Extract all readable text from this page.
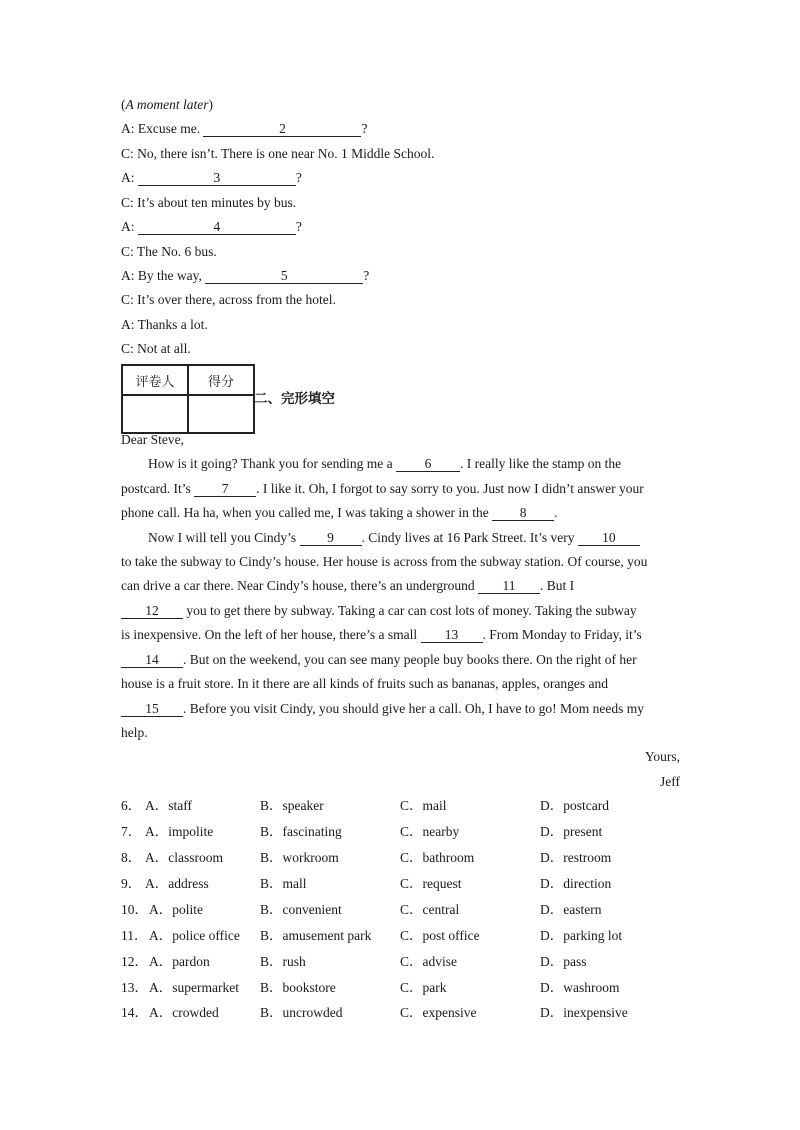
(A moment later)
A: Excuse me.	2	?
C: No, there isn’t. There is one near No. 1 Middle School.
A:	3	?
C: It’s about ten minutes by bus.
A:	4	?
C: The No. 6 bus.
A: By the way,	5	?
C: It’s over there, across from the hotel.
A: Thanks a lot.
C: Not at all.
评卷人	得分

二、完形填空
Dear Steve,
How is it going? Thank you for sending me a 6 . I really like the stamp on the
postcard. It’s 7 . I like it. Oh, I forgot to say sorry to you. Just now I didn’t answer your
phone call. Ha ha, when you called me, I was taking a shower in the 8 .
Now I will tell you Cindy’s 9 . Cindy lives at 16 Park Street. It’s very 10
to take the subway to Cindy’s house. Her house is across from the subway station. Of course, you
can drive a car there. Near Cindy’s house, there’s an underground 11 . But I
12 you to get there by subway. Taking a car can cost lots of money. Taking the subway
is inexpensive. On the left of her house, there’s a small 13 . From Monday to Friday, it’s
14 . But on the weekend, you can see many people buy books there. On the right of her
house is a fruit store. In it there are all kinds of fruits such as bananas, apples, oranges and
15 . Before you visit Cindy, you should give her a call. Oh, I have to go! Mom needs my
help.
Yours,
Jeff
6． A．staff	B．speaker	C．mail	D．postcard
7． A．impolite	B．fascinating	C．nearby	D．present
8． A．classroom	B．workroom	C．bathroom	D．restroom
9． A．address	B．mall	C．request	D．direction
10． A．polite	B．convenient	C．central	D．eastern
11． A．police office B．amusement park C．post office	D．parking lot
12． A．pardon	B．rush	C．advise	D．pass
13． A．supermarket B．bookstore	C．park	D．washroom
14． A．crowded	B．uncrowded	C．expensive	D．inexpensive
